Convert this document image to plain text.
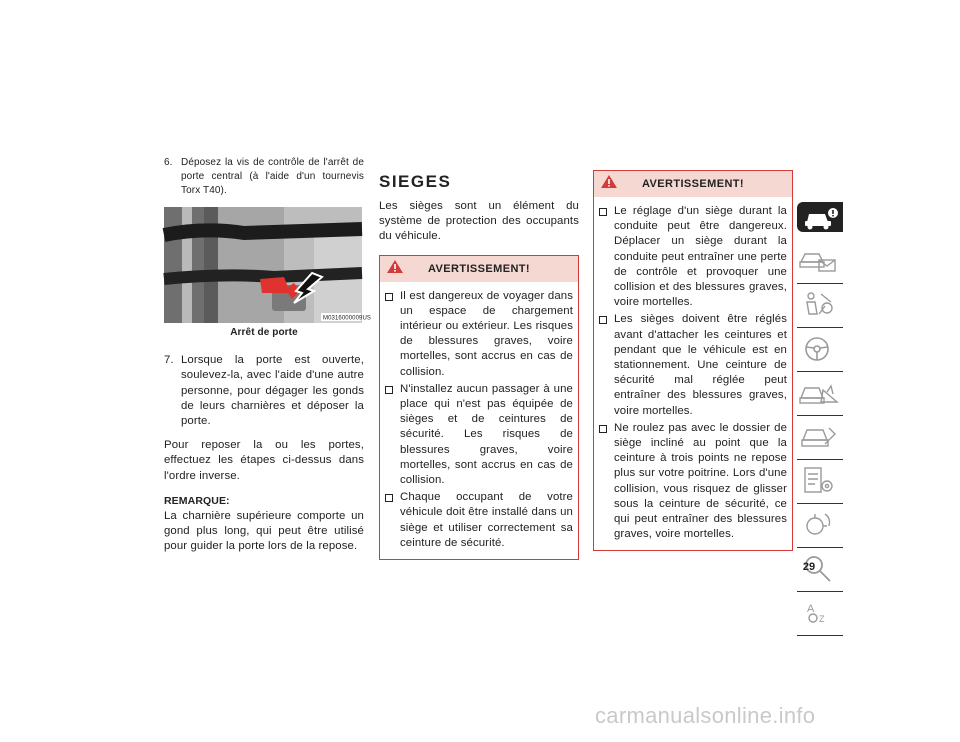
6. Déposez la vis de contrôle de l'arrêt de porte central (à l'aide d'un tournevis Torx T40).
M0316000009US
Arrêt de porte
7. Lorsque la porte est ouverte, soulevez-la, avec l'aide d'une autre personne, pour dégager les gonds de leurs charnières et déposer la porte.

Pour reposer la ou les portes, effectuez les étapes ci-dessus dans l'ordre inverse.

REMARQUE:

La charnière supérieure comporte un gond plus long, qui peut être utilisé pour guider la porte lors de la repose.

SIEGES

Les sièges sont un élément du système de protection des occupants du véhicule.

AVERTISSEMENT!
Il est dangereux de voyager dans un espace de chargement intérieur ou extérieur. Les risques de blessures graves, voire mortelles, sont accrus en cas de collision.
N'installez aucun passager à une place qui n'est pas équipée de sièges et de ceintures de sécurité. Les risques de blessures graves, voire mortelles, sont accrus en cas de collision.
Chaque occupant de votre véhicule doit être installé dans un siège et utiliser correctement sa ceinture de sécurité.
AVERTISSEMENT!
Le réglage d'un siège durant la conduite peut être dangereux. Déplacer un siège durant la conduite peut entraîner une perte de contrôle et provoquer une collision et des blessures graves, voire mortelles.
Les sièges doivent être réglés avant d'attacher les ceintures et pendant que le véhicule est en stationnement. Une ceinture de sécurité mal réglée peut entraîner des blessures graves, voire mortelles.
Ne roulez pas avec le dossier de siège incliné au point que la ceinture à trois points ne repose plus sur votre poitrine. Lors d'une collision, vous risquez de glisser sous la ceinture de sécurité, ce qui peut entraîner des blessures graves, voire mortelles.
A
Z
29
carmanualsonline.info
